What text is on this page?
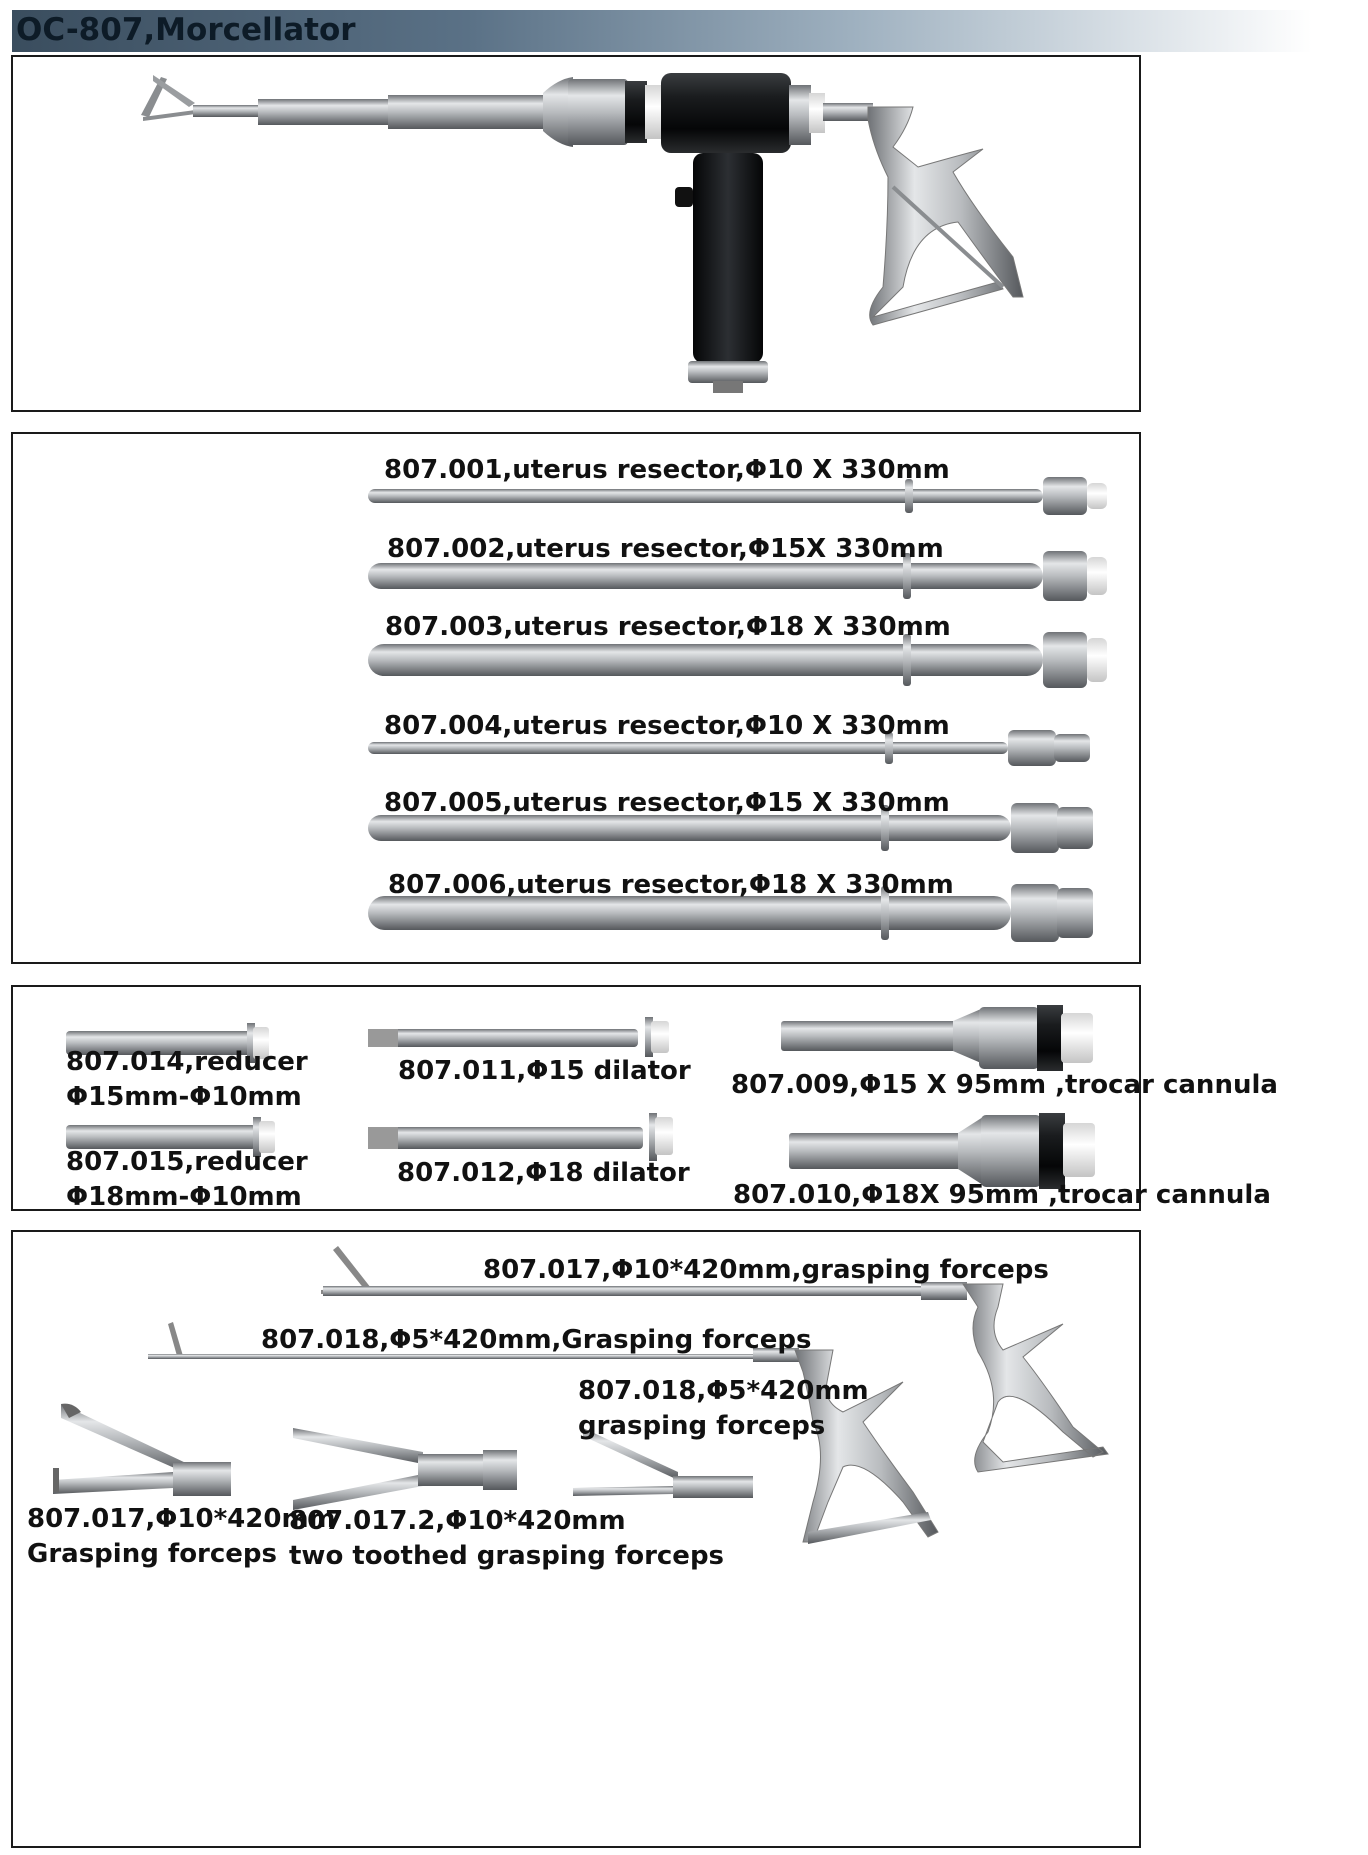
OC-807,Morcellator
807.001,uterus resector,Φ10 X 330mm
807.002,uterus resector,Φ15X 330mm
807.003,uterus resector,Φ18 X 330mm
807.004,uterus resector,Φ10 X 330mm
807.005,uterus resector,Φ15 X 330mm
807.006,uterus resector,Φ18 X 330mm
807.014,reducer
Φ15mm-Φ10mm
807.015,reducer
Φ18mm-Φ10mm
807.011,Φ15 dilator
807.012,Φ18 dilator
807.009,Φ15 X 95mm ,trocar cannula
807.010,Φ18X 95mm ,trocar cannula
807.017,Φ10*420mm,grasping forceps
807.018,Φ5*420mm,Grasping forceps
807.018,Φ5*420mm
grasping forceps
807.017,Φ10*420mm
Grasping forceps
807.017.2,Φ10*420mm
two toothed grasping forceps
